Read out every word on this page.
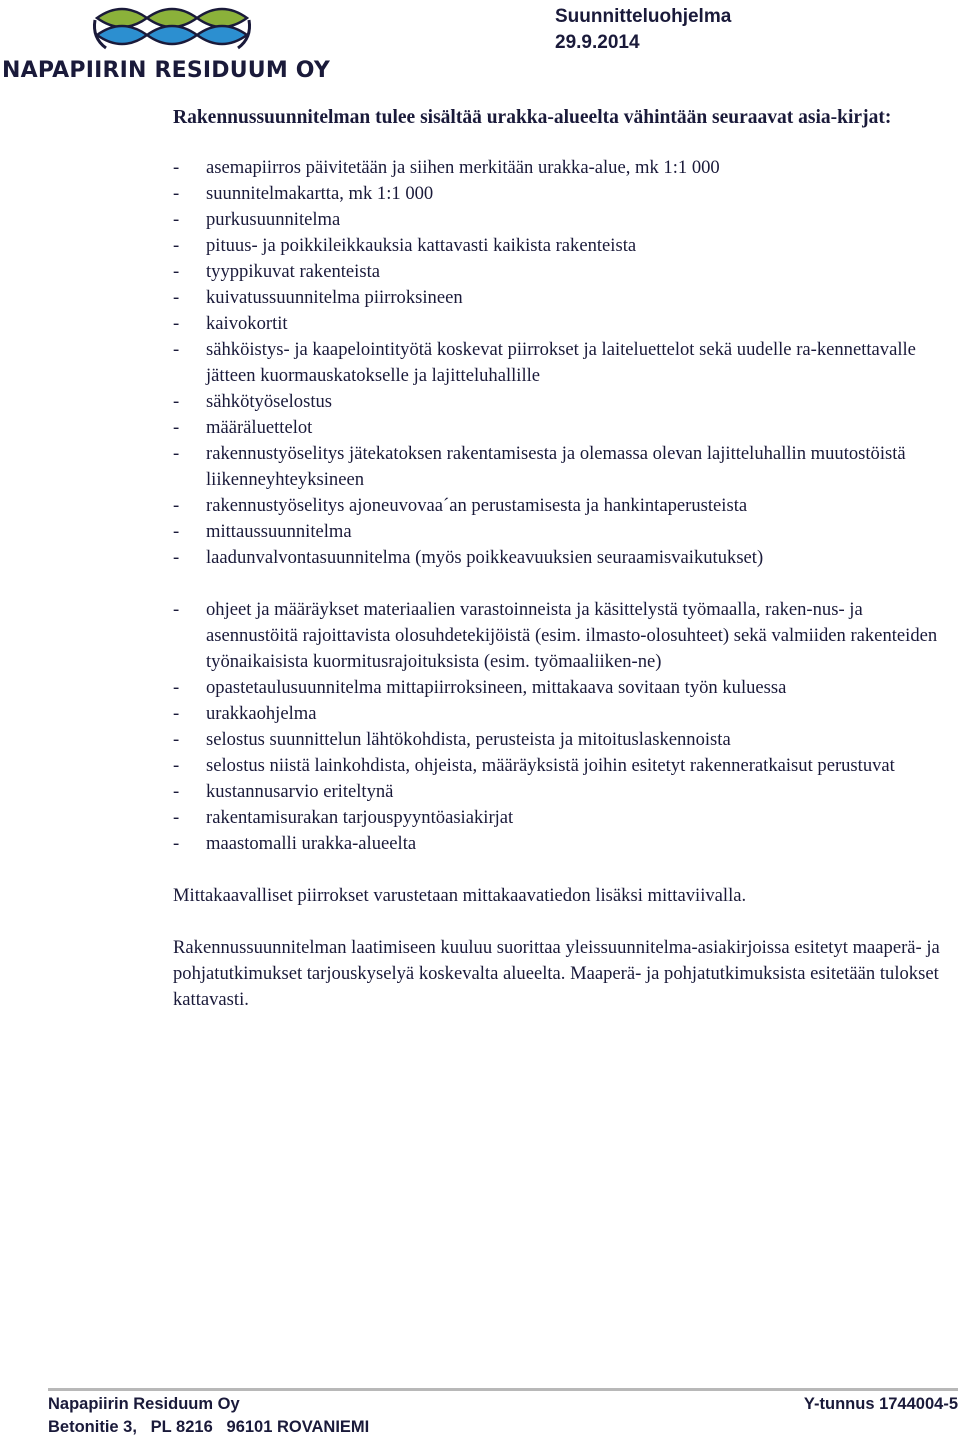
NAPAPIIRIN RESIDUUM OY
Suunnitteluohjelma
29.9.2014
Rakennussuunnitelman tulee sisältää urakka-alueelta vähintään seuraavat asia-kirjat:
- asemapiirros päivitetään ja siihen merkitään urakka-alue, mk 1:1 000
- suunnitelmakartta, mk 1:1 000
- purkusuunnitelma
- pituus- ja poikkileikkauksia kattavasti kaikista rakenteista
- tyyppikuvat rakenteista
- kuivatussuunnitelma piirroksineen
- kaivokortit
- sähköistys- ja kaapelointityötä koskevat piirrokset ja laiteluettelot sekä uudelle ra-kennettavalle jätteen kuormauskatokselle ja lajitteluhallille
- sähkötyöselostus
- määräluettelot
- rakennustyöselitys jätekatoksen rakentamisesta ja olemassa olevan lajitteluhallin muutostöistä liikenneyhteyksineen
- rakennustyöselitys ajoneuvovaa´an perustamisesta ja hankintaperusteista
- mittaussuunnitelma
- laadunvalvontasuunnitelma (myös poikkeavuuksien seuraamisvaikutukset)
- ohjeet ja määräykset materiaalien varastoinneista ja käsittelystä työmaalla, raken-nus- ja asennustöitä rajoittavista olosuhdetekijöistä (esim. ilmasto-olosuhteet) sekä valmiiden rakenteiden työnaikaisista kuormitusrajoituksista (esim. työmaaliiken-ne)
- opastetaulusuunnitelma mittapiirroksineen, mittakaava sovitaan työn kuluessa
- urakkaohjelma
- selostus suunnittelun lähtökohdista, perusteista ja mitoituslaskennoista
- selostus niistä lainkohdista, ohjeista, määräyksistä joihin esitetyt rakenneratkaisut perustuvat
- kustannusarvio eriteltynä
- rakentamisurakan tarjouspyyntöasiakirjat
- maastomalli urakka-alueelta

Mittakaavalliset piirrokset varustetaan mittakaavatiedon lisäksi mittaviivalla.

Rakennussuunnitelman laatimiseen kuuluu suorittaa yleissuunnitelma-asiakirjoissa esitetyt maaperä- ja pohjatutkimukset tarjouskyselyä koskevalta alueelta. Maaperä- ja pohjatutkimuksista esitetään tulokset kattavasti.

Napapiirin Residuum Oy	Y-tunnus 1744004-5
Betonitie 3,   PL 8216   96101 ROVANIEMI
